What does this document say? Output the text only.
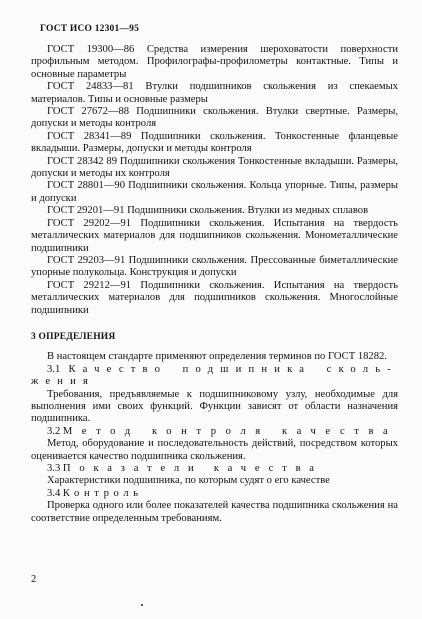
ГОСТ ИСО 12301—95

ГОСТ 19300—86 Средства измерения шероховатости поверхности профильным методом. Профилографы-профилометры контактные. Типы и основные параметры

ГОСТ 24833—81 Втулки подшипников скольжения из спекаемых материалов. Типы и основные размеры

ГОСТ 27672—88 Подшипники скольжения. Втулки свертные. Размеры, допуски и методы контроля

ГОСТ 28341—89 Подшипники скольжения. Тонкостенные фланцевые вкладыши. Размеры, допуски и методы контроля

ГОСТ 28342 89 Подшипники скольжения Тонкостенные вкладыши. Размеры, допуски и методы их контроля

ГОСТ 28801—90 Подшипники скольжения. Кольца упорные. Типы, размеры и допуски

ГОСТ 29201—91 Подшипники скольжения. Втулки из медных сплавов

ГОСТ 29202—91 Подшипники скольжения. Испытания на твердость металлических материалов для подшипников скольжения. Монометаллические подшипники

ГОСТ 29203—91 Подшипники скольжения. Прессованные биметаллические упорные полукольца. Конструкция и допуски

ГОСТ 29212—91 Подшипники скольжения. Испытания на твердость металлических материалов для подшипников скольжения. Многослойные подшипники

3 ОПРЕДЕЛЕНИЯ

В настоящем стандарте применяют определения терминов по ГОСТ 18282.

3.1 Качество подшипника сколь-

жения

Требования, предъявляемые к подшипниковому узлу, необходимые для выполнения ими своих функций. Функции зависят от области назначения подшипника.

3.2 Метод контроля качества

Метод, оборудование и последовательность действий, посредством которых оценивается качество подшипника скольжения.

3.3 Показатели качества

Характеристики подшипника, по которым судят о его качестве

3.4 Контроль

Проверка одного или более показателей качества подшипника скольжения на соответствие определенным требованиям.

2
